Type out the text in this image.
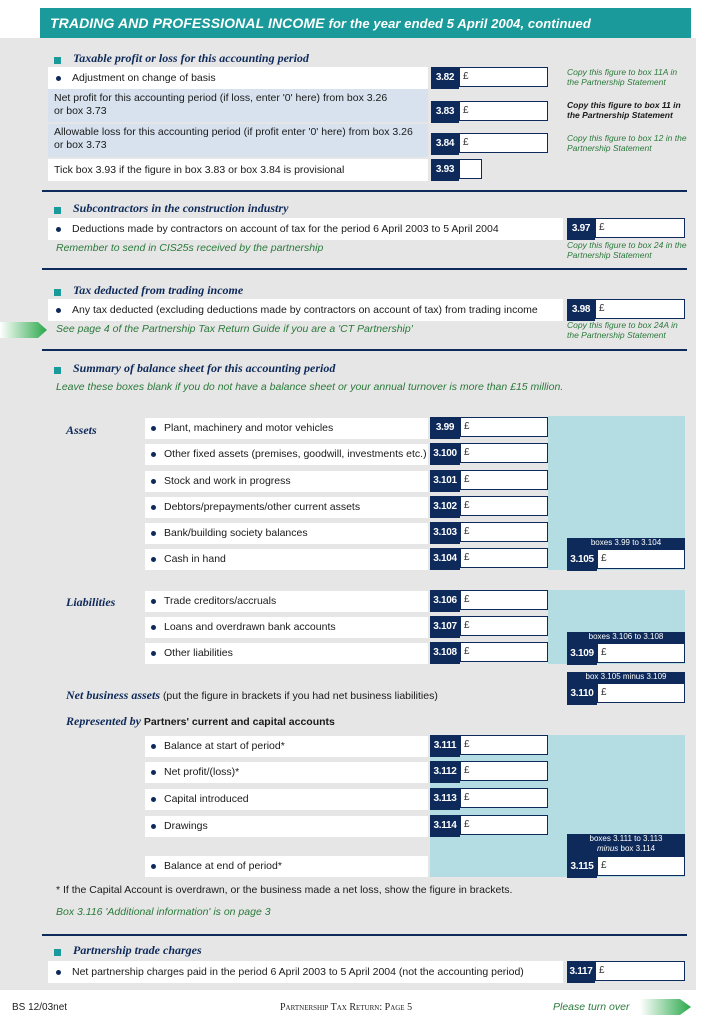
TRADING AND PROFESSIONAL INCOME for the year ended 5 April 2004, continued
Taxable profit or loss for this accounting period
Adjustment on change of basis	3.82 £	Copy this figure to box 11A in the Partnership Statement
Net profit for this accounting period (if loss, enter '0' here) from box 3.26 or box 3.73	3.83 £	Copy this figure to box 11 in the Partnership Statement
Allowable loss for this accounting period (if profit enter '0' here) from box 3.26 or box 3.73	3.84 £	Copy this figure to box 12 in the Partnership Statement
Tick box 3.93 if the figure in box 3.83 or box 3.84 is provisional	3.93
Subcontractors in the construction industry
Deductions made by contractors on account of tax for the period 6 April 2003 to 5 April 2004	3.97 £
Remember to send in CIS25s received by the partnership	Copy this figure to box 24 in the Partnership Statement
Tax deducted from trading income
Any tax deducted (excluding deductions made by contractors on account of tax) from trading income	3.98 £
See page 4 of the Partnership Tax Return Guide if you are a 'CT Partnership'	Copy this figure to box 24A in the Partnership Statement
Summary of balance sheet for this accounting period
Leave these boxes blank if you do not have a balance sheet or your annual turnover is more than £15 million.
Assets	Plant, machinery and motor vehicles	3.99 £
Other fixed assets (premises, goodwill, investments etc.) 3.100 £
Stock and work in progress	3.101 £
Debtors/prepayments/other current assets	3.102 £
Bank/building society balances	3.103 £
Cash in hand	3.104 £
boxes 3.99 to 3.104
3.105 £
Liabilities	Trade creditors/accruals	3.106 £
Loans and overdrawn bank accounts	3.107 £
Other liabilities	3.108 £
boxes 3.106 to 3.108
3.109 £
box 3.105 minus 3.109
3.110 £
Net business assets (put the figure in brackets if you had net business liabilities)
Represented by Partners' current and capital accounts
Balance at start of period*	3.111 £
Net profit/(loss)*	3.112 £
Capital introduced	3.113 £
Drawings	3.114 £
Balance at end of period*
boxes 3.111 to 3.113
minus box 3.114
3.115 £
* If the Capital Account is overdrawn, or the business made a net loss, show the figure in brackets.
Box 3.116 'Additional information' is on page 3
Partnership trade charges
Net partnership charges paid in the period 6 April 2003 to 5 April 2004 (not the accounting period)	3.117 £
BS 12/03net	Partnership Tax Return: Page 5	Please turn over
